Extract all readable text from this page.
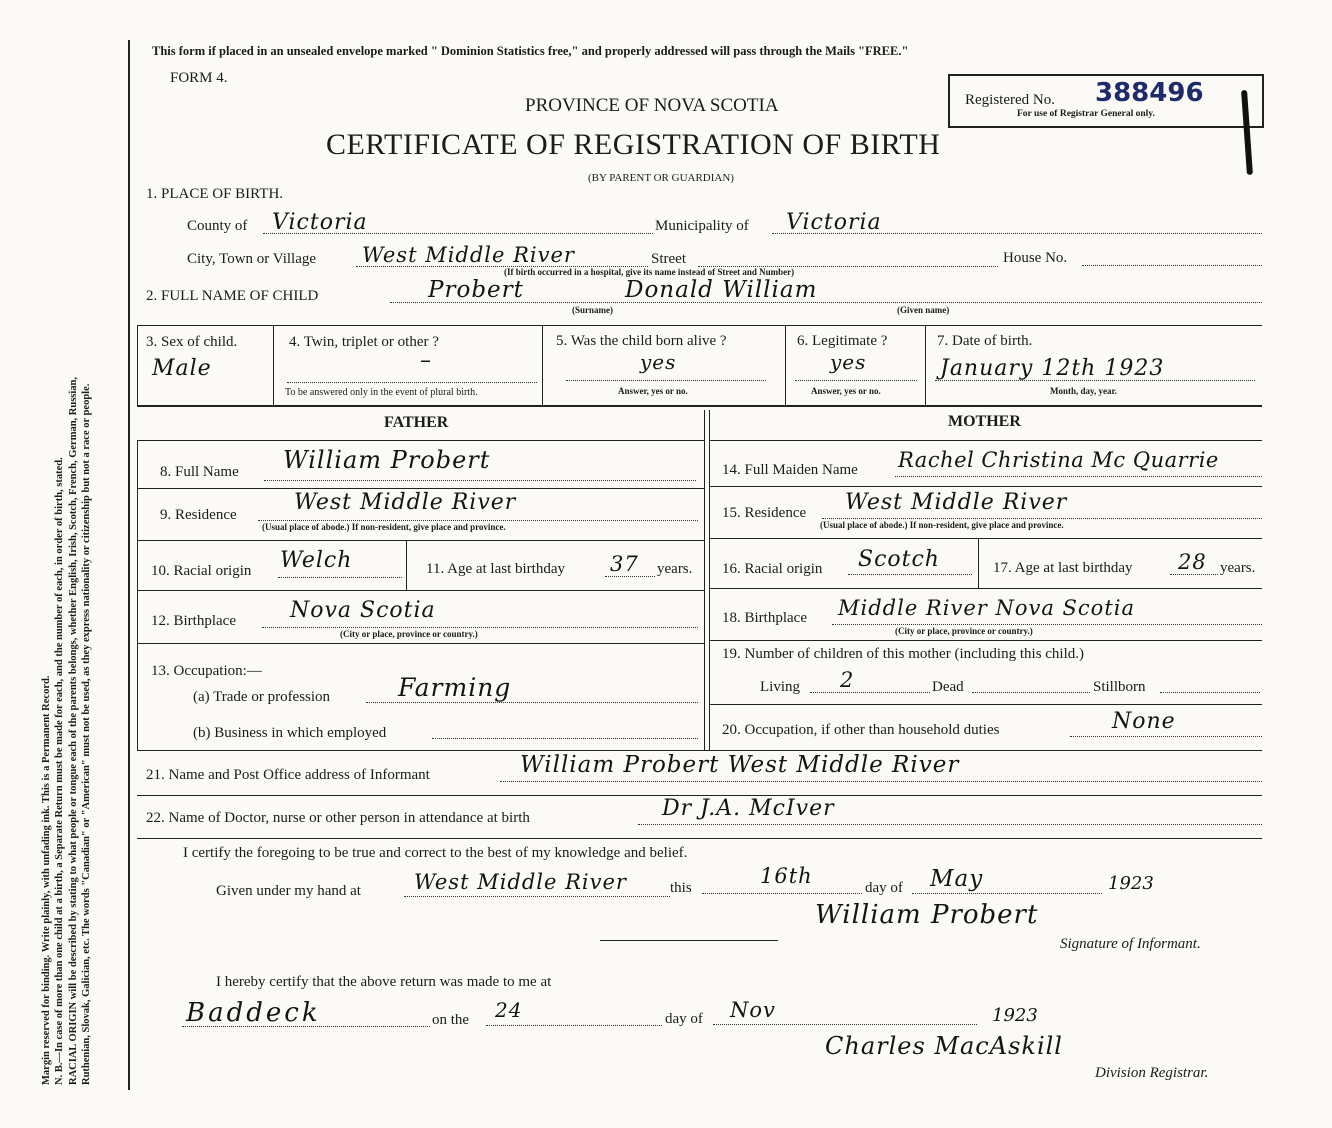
Margin reserved for binding. Write plainly, with unfading ink. This is a Permanent Record. N. B.—In case of more than one child at a birth, a Separate Return must be made for each, and the number of each, in order of birth, stated. RACIAL ORIGIN will be described by stating to what people or tongue each of the parents belongs, whether English, Irish, Scotch, French, German, Russian, Ruthenian, Slovak, Galician, etc. The words "Canadian" or "American" must not be used, as they express nationality or citizenship but not a race or people.
This form if placed in an unsealed envelope marked " Dominion Statistics free," and properly addressed will pass through the Mails "FREE."
FORM 4.
PROVINCE OF NOVA SCOTIA
CERTIFICATE OF REGISTRATION OF BIRTH
(BY PARENT OR GUARDIAN)
Registered No. 388496
For use of Registrar General only.
1. PLACE OF BIRTH.
County of Victoria	Municipality of Victoria
City, Town or Village West Middle River	Street	House No.
(If birth occurred in a hospital, give its name instead of Street and Number)
2. FULL NAME OF CHILD	Probert	Donald William
(Surname)	(Given name)
3. Sex of child.
Male
4. Twin, triplet or other ?
–
To be answered only in the event of plural birth.
5. Was the child born alive ?
yes
Answer, yes or no.
6. Legitimate ?
yes
Answer, yes or no.
7. Date of birth.
January 12th 1923
Month, day, year.
FATHER	MOTHER
8. Full Name William Probert
9. Residence	West Middle River
(Usual place of abode.) If non-resident, give place and province.
10. Racial origin Welch	11. Age at last birthday 37 years.
12. Birthplace Nova Scotia
(City or place, province or country.)
13. Occupation:—
(a) Trade or profession	Farming
(b) Business in which employed
14. Full Maiden Name Rachel Christina Mc Quarrie
15. Residence West Middle River
(Usual place of abode.) If non-resident, give place and province.
16. Racial origin Scotch	17. Age at last birthday 28 years.
18. Birthplace Middle River Nova Scotia
(City or place, province or country.)
19. Number of children of this mother (including this child.)
Living 2	Dead	Stillborn
20. Occupation, if other than household duties	None
21. Name and Post Office address of Informant	William Probert West Middle River
22. Name of Doctor, nurse or other person in attendance at birth	Dr J.A. McIver
I certify the foregoing to be true and correct to the best of my knowledge and belief.
Given under my hand at	West Middle River	this	16th	day of May	1923
William Probert
Signature of Informant.
I hereby certify that the above return was made to me at
Baddeck	on the 24	day of Nov	1923
Charles MacAskill
Division Registrar.
